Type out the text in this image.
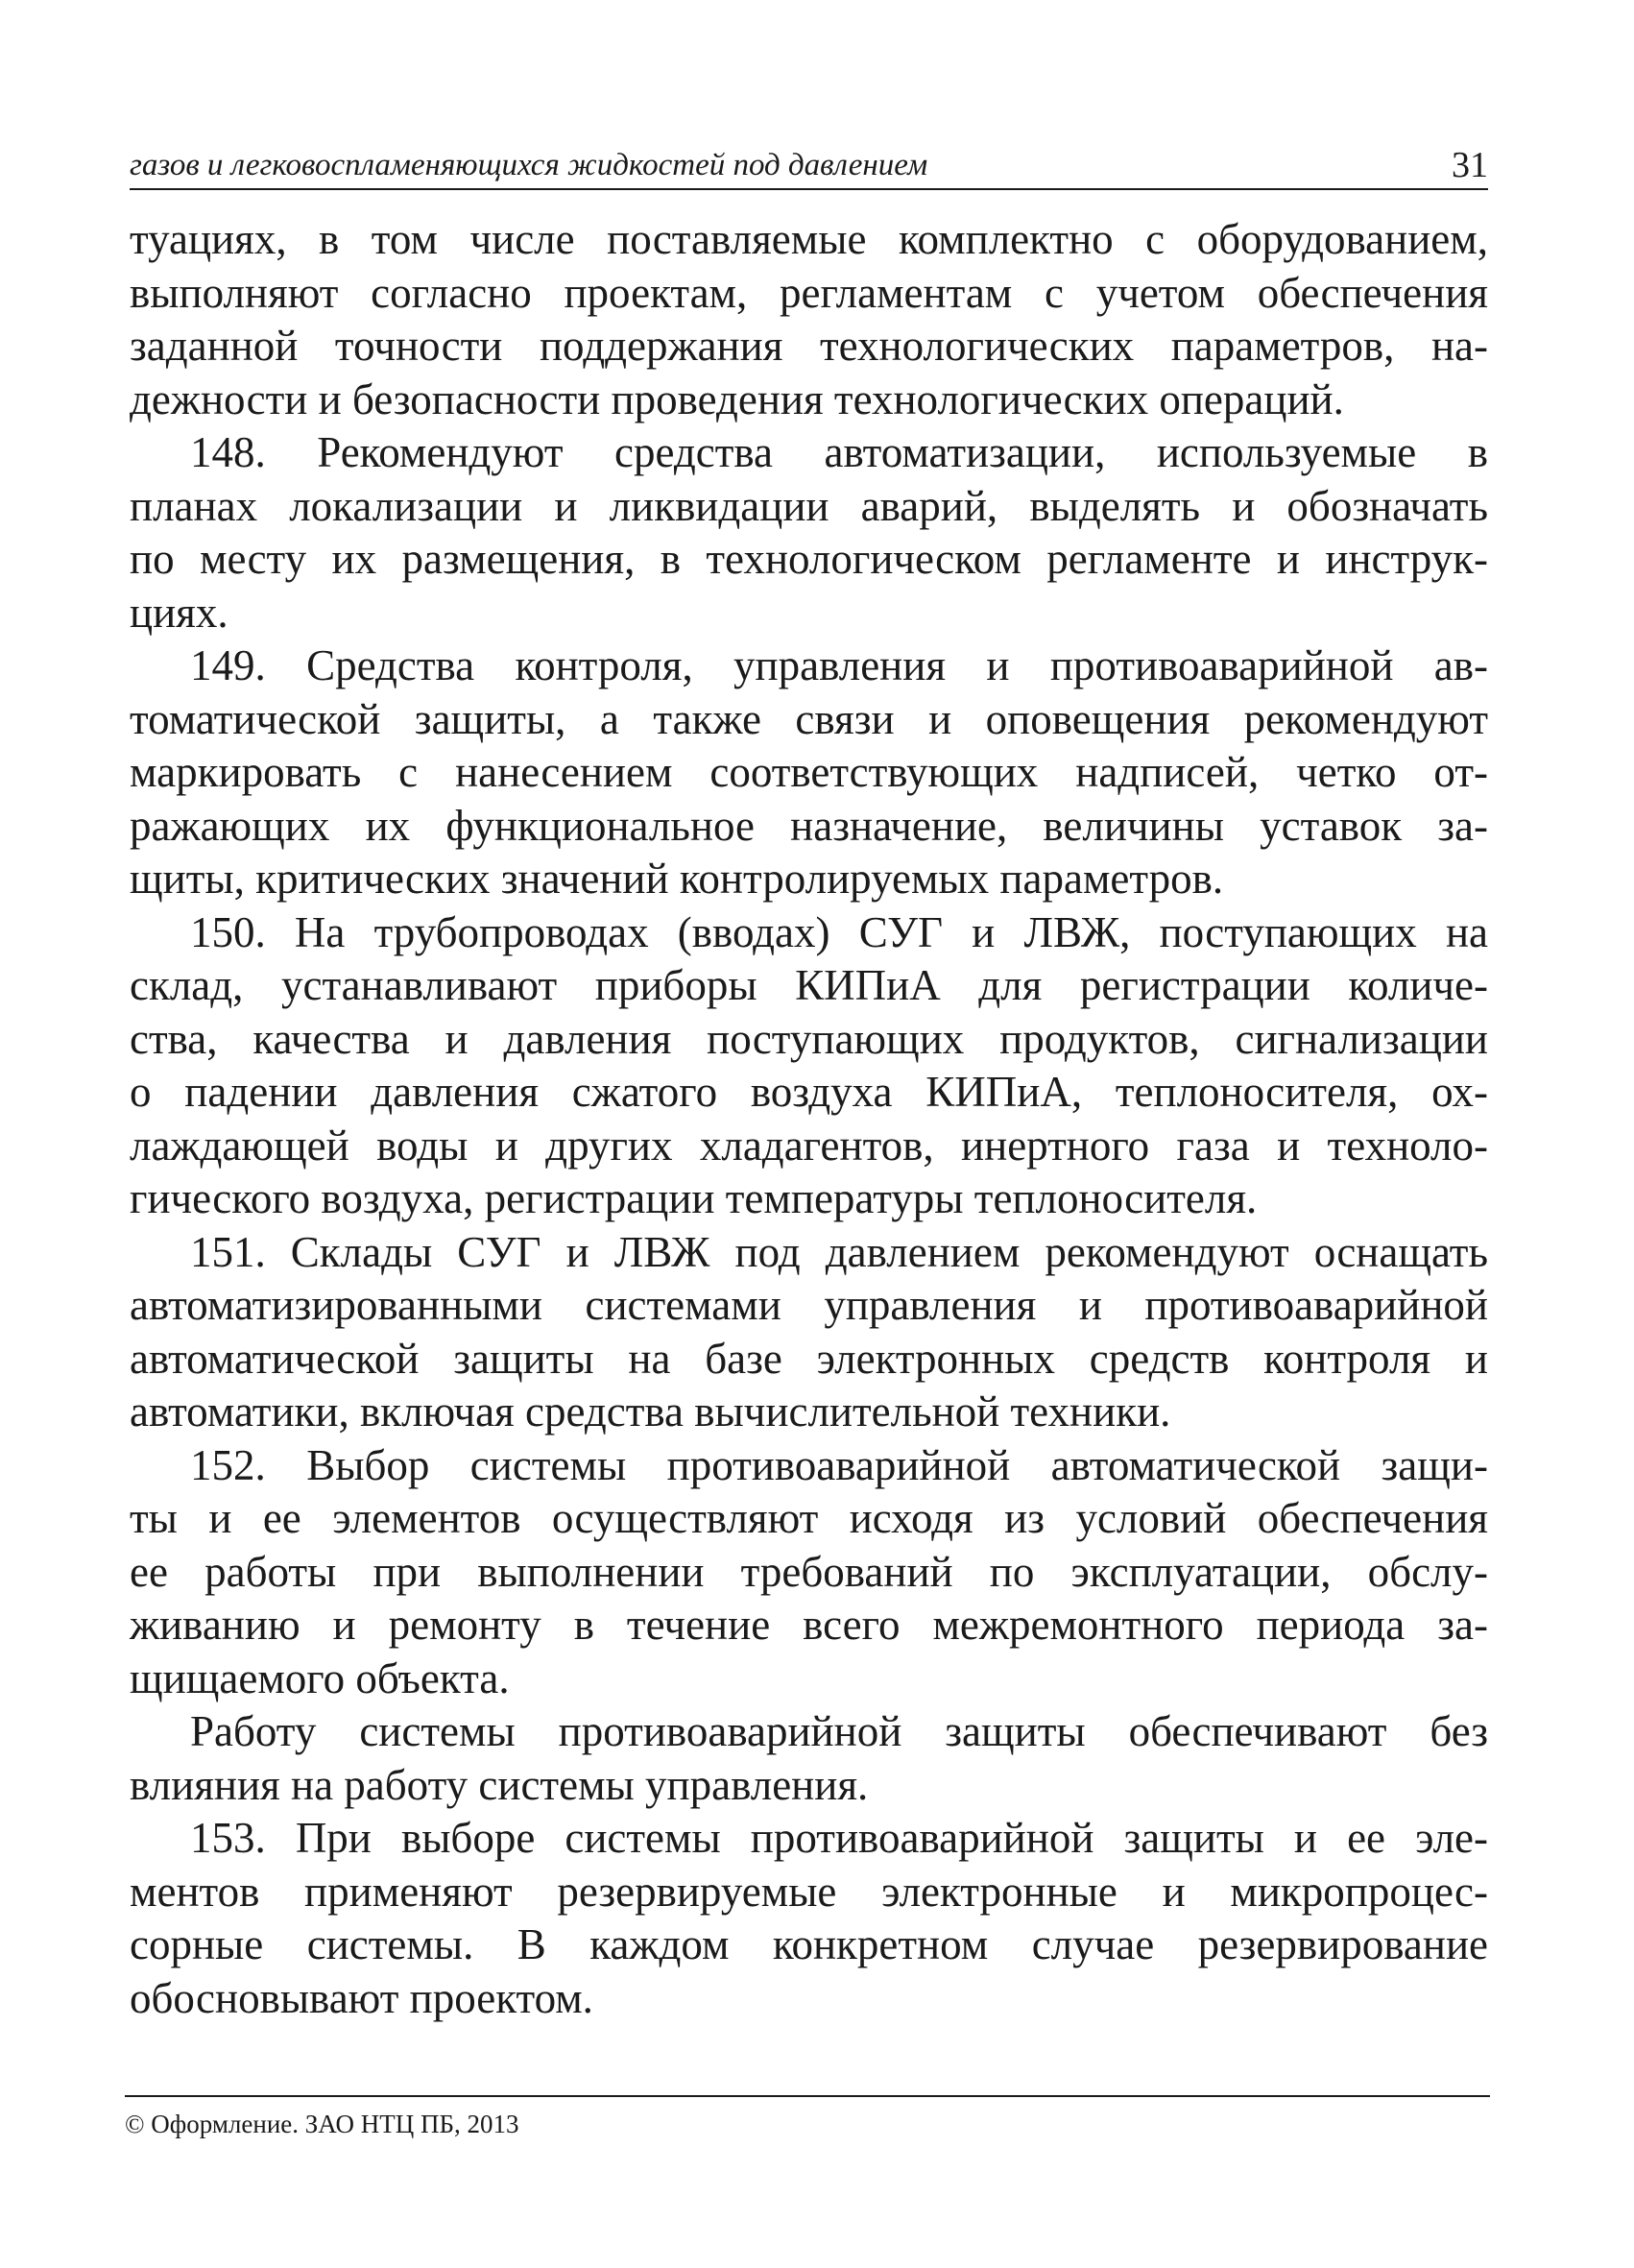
газов и легковоспламеняющихся жидкостей под давлением	31
туациях, в том числе поставляемые комплектно с оборудованием,
выполняют согласно проектам, регламентам с учетом обеспечения
заданной точности поддержания технологических параметров, на-
дежности и безопасности проведения технологических операций.
148. Рекомендуют средства автоматизации, используемые в
планах локализации и ликвидации аварий, выделять и обозначать
по месту их размещения, в технологическом регламенте и инструк-
циях.
149. Средства контроля, управления и противоаварийной ав-
томатической защиты, а также связи и оповещения рекомендуют
маркировать с нанесением соответствующих надписей, четко от-
ражающих их функциональное назначение, величины уставок за-
щиты, критических значений контролируемых параметров.
150. На трубопроводах (вводах) СУГ и ЛВЖ, поступающих на
склад, устанавливают приборы КИПиА для регистрации количе-
ства, качества и давления поступающих продуктов, сигнализации
о падении давления сжатого воздуха КИПиА, теплоносителя, ох-
лаждающей воды и других хладагентов, инертного газа и техноло-
гического воздуха, регистрации температуры теплоносителя.
151. Склады СУГ и ЛВЖ под давлением рекомендуют оснащать
автоматизированными системами управления и противоаварийной
автоматической защиты на базе электронных средств контроля и
автоматики, включая средства вычислительной техники.
152. Выбор системы противоаварийной автоматической защи-
ты и ее элементов осуществляют исходя из условий обеспечения
ее работы при выполнении требований по эксплуатации, обслу-
живанию и ремонту в течение всего межремонтного периода за-
щищаемого объекта.
Работу системы противоаварийной защиты обеспечивают без
влияния на работу системы управления.
153. При выборе системы противоаварийной защиты и ее эле-
ментов применяют резервируемые электронные и микропроцес-
сорные системы. В каждом конкретном случае резервирование
обосновывают проектом.
© Оформление. ЗАО НТЦ ПБ, 2013
